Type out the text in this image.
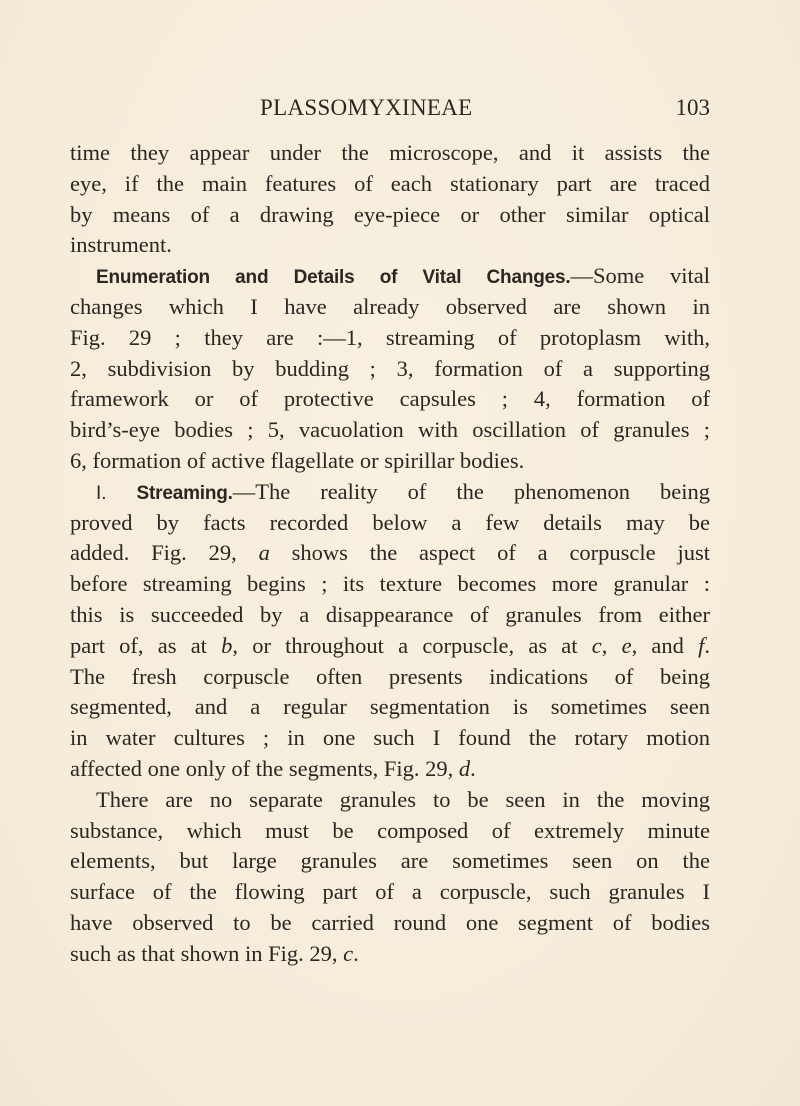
PLASSOMYXINEAE	103
time they appear under the microscope, and it assists the
eye, if the main features of each stationary part are traced
by means of a drawing eye-piece or other similar optical
instrument.
Enumeration and Details of Vital Changes.—Some vital
changes which I have already observed are shown in
Fig. 29 ; they are :—1, streaming of protoplasm with,
2, subdivision by budding ; 3, formation of a supporting
framework or of protective capsules ; 4, formation of
bird’s-eye bodies ; 5, vacuolation with oscillation of granules ;
6, formation of active flagellate or spirillar bodies.
I. Streaming.—The reality of the phenomenon being
proved by facts recorded below a few details may be
added. Fig. 29, a shows the aspect of a corpuscle just
before streaming begins ; its texture becomes more granular :
this is succeeded by a disappearance of granules from either
part of, as at b, or throughout a corpuscle, as at c, e, and f.
The fresh corpuscle often presents indications of being
segmented, and a regular segmentation is sometimes seen
in water cultures ; in one such I found the rotary motion
affected one only of the segments, Fig. 29, d.
There are no separate granules to be seen in the moving
substance, which must be composed of extremely minute
elements, but large granules are sometimes seen on the
surface of the flowing part of a corpuscle, such granules I
have observed to be carried round one segment of bodies
such as that shown in Fig. 29, c.
